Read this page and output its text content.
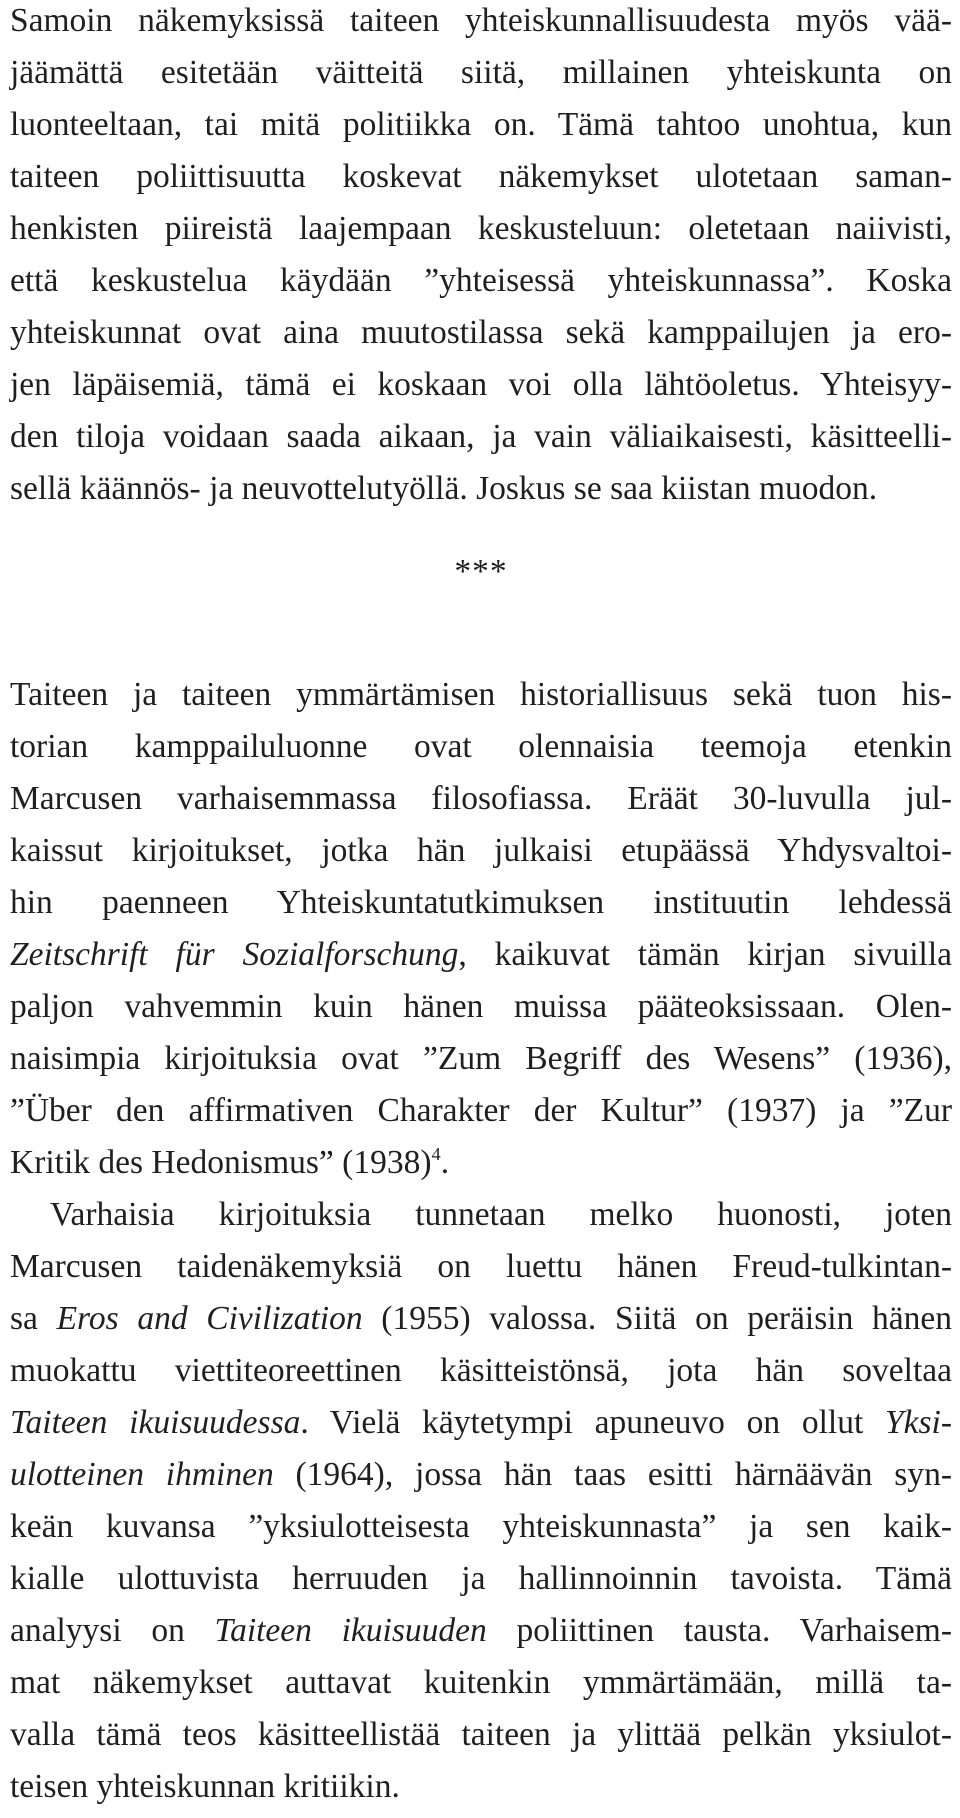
Samoin näkemyksissä taiteen yhteiskunnallisuudesta myös vää-
jäämättä esitetään väitteitä siitä, millainen yhteiskunta on
luonteeltaan, tai mitä politiikka on. Tämä tahtoo unohtua, kun
taiteen poliittisuutta koskevat näkemykset ulotetaan saman-
henkisten piireistä laajempaan keskusteluun: oletetaan naiivisti,
että keskustelua käydään ”yhteisessä yhteiskunnassa”. Koska
yhteiskunnat ovat aina muutostilassa sekä kamppailujen ja ero-
jen läpäisemiä, tämä ei koskaan voi olla lähtöoletus. Yhteisyy-
den tiloja voidaan saada aikaan, ja vain väliaikaisesti, käsitteelli-
sellä käännös- ja neuvottelutyöllä. Joskus se saa kiistan muodon.
***
Taiteen ja taiteen ymmärtämisen historiallisuus sekä tuon his-
torian kamppailuluonne ovat olennaisia teemoja etenkin
Marcusen varhaisemmassa filosofiassa. Eräät 30-luvulla jul-
kaissut kirjoitukset, jotka hän julkaisi etupäässä Yhdysvaltoi-
hin paenneen Yhteiskuntatutkimuksen instituutin lehdessä
Zeitschrift für Sozialforschung, kaikuvat tämän kirjan sivuilla
paljon vahvemmin kuin hänen muissa pääteoksissaan. Olen-
naisimpia kirjoituksia ovat ”Zum Begriff des Wesens” (1936),
”Über den affirmativen Charakter der Kultur” (1937) ja ”Zur
Kritik des Hedonismus” $(1938)^4$.
Varhaisia kirjoituksia tunnetaan melko huonosti, joten
Marcusen taidenäkemyksiä on luettu hänen Freud-tulkintan-
sa Eros and Civilization (1955) valossa. Siitä on peräisin hänen
muokattu viettiteoreettinen käsitteistönsä, jota hän soveltaa
Taiteen ikuisuudessa. Vielä käytetympi apuneuvo on ollut Yksi-
ulotteinen ihminen (1964), jossa hän taas esitti härnäävän syn-
keän kuvansa ”yksiulotteisesta yhteiskunnasta” ja sen kaik-
kialle ulottuvista herruuden ja hallinnoinnin tavoista. Tämä
analyysi on Taiteen ikuisuuden poliittinen tausta. Varhaisem-
mat näkemykset auttavat kuitenkin ymmärtämään, millä ta-
valla tämä teos käsitteellistää taiteen ja ylittää pelkän yksiulot-
teisen yhteiskunnan kritiikin.
